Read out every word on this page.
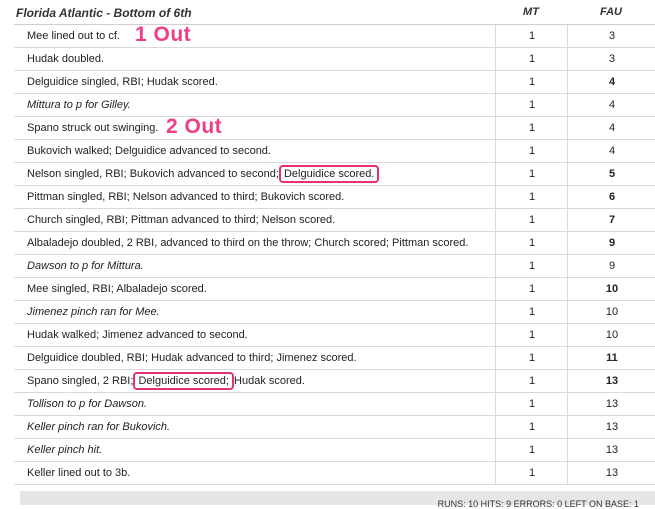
Florida Atlantic - Bottom of 6th	MT	FAU
Mee lined out to cf.	1	3
Hudak doubled.	1	3
Delguidice singled, RBI; Hudak scored.	1	4
Mittura to p for Gilley.	1	4
Spano struck out swinging.	1	4
Bukovich walked; Delguidice advanced to second.	1	4
Nelson singled, RBI; Bukovich advanced to second; Delguidice scored.	1	5
Pittman singled, RBI; Nelson advanced to third; Bukovich scored.	1	6
Church singled, RBI; Pittman advanced to third; Nelson scored.	1	7
Albaladejo doubled, 2 RBI, advanced to third on the throw; Church scored; Pittman scored.	1	9
Dawson to p for Mittura.	1	9
Mee singled, RBI; Albaladejo scored.	1	10
Jimenez pinch ran for Mee.	1	10
Hudak walked; Jimenez advanced to second.	1	10
Delguidice doubled, RBI; Hudak advanced to third; Jimenez scored.	1	11
Spano singled, 2 RBI; Delguidice scored; Hudak scored.	1	13
Tollison to p for Dawson.	1	13
Keller pinch ran for Bukovich.	1	13
Keller pinch hit.	1	13
Keller lined out to 3b.	1	13
1 Out
2 Out
RUNS: 10 HITS: 9 ERRORS: 0 LEFT ON BASE: 1
